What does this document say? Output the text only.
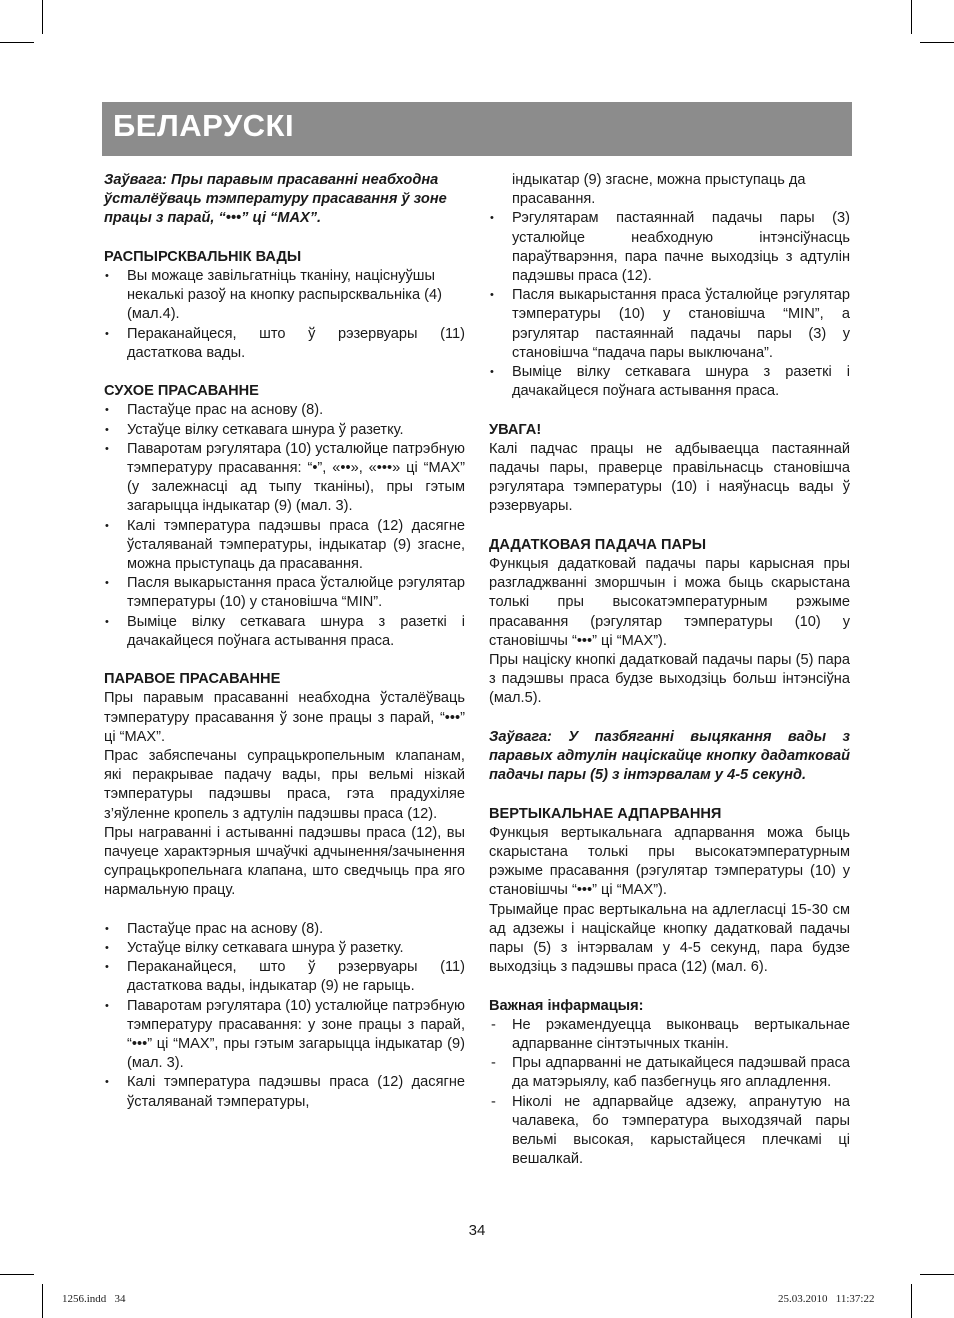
БЕЛАРУСКІ

Заўвага: Пры паравым прасаванні неабходна ўсталёўваць тэмпературу прасавання ў зоне працы з парай, “•••” ці “MAX”.

РАСПЫРСКВАЛЬНІК ВАДЫ

• Вы можаце завільгатніць тканіну, націснуўшы некалькі разоў на кнопку распырсквальніка (4) (мал.4).
• Пераканайцеся, што ў рэзервуары (11) дастаткова вады.

СУХОЕ ПРАСАВАННЕ

• Пастаўце прас на аснову (8).
• Устаўце вілку сеткавага шнура ў разетку.
• Паваротам рэгулятара (10) усталюйце патрэбную тэмпературу прасавання: “•”, «••», «•••» ці “MAX” (у залежнасці ад тыпу тканіны), пры гэтым загарыцца індыкатар (9) (мал. 3).
• Калі тэмпература падэшвы праса (12) дасягне ўсталяванай тэмпературы, індыкатар (9) згасне, можна прыступаць да прасавання.
• Пасля выкарыстання праса ўсталюйце рэгулятар тэмпературы (10) у становішча “MIN”.
• Выміце вілку сеткавага шнура з разеткі і дачакайцеся поўнага астывання праса.

ПАРАВОЕ ПРАСАВАННЕ

Пры паравым прасаванні неабходна ўсталёўваць тэмпературу прасавання ў зоне працы з парай, “•••” ці “MAX”.

Прас забяспечаны супрацькропельным клапанам, які перакрывае падачу вады, пры вельмі нізкай тэмпературы падэшвы праса, гэта прадухіляе з’яўленне кропель з адтулін падэшвы праса (12).

Пры награванні і астыванні падэшвы праса (12), вы пачуеце характэрныя шчаўчкі адчынення/зачынення супрацькропельнага клапана, што сведчыць пра яго нармальную працу.

• Пастаўце прас на аснову (8).
• Устаўце вілку сеткавага шнура ў разетку.
• Пераканайцеся, што ў рэзервуары (11) дастаткова вады, індыкатар (9) не гарыць.
• Паваротам рэгулятара (10) усталюйце патрэбную тэмпературу прасавання: у зоне працы з парай, “•••” ці “MAX”, пры гэтым загарыцца індыкатар (9) (мал. 3).
• Калі тэмпература падэшвы праса (12) дасягне ўсталяванай тэмпературы,

індыкатар (9) згасне, можна прыступаць да прасавання.

• Рэгулятарам пастаяннай падачы пары (3) усталюйце неабходную інтэнсіўнасць параўтварэння, пара пачне выходзіць з адтулін падэшвы праса (12).
• Пасля выкарыстання праса ўсталюйце рэгулятар тэмпературы (10) у становішча “MIN”, а рэгулятар пастаяннай падачы пары (3) у становішча “падача пары выключана”.
• Выміце вілку сеткавага шнура з разеткі і дачакайцеся поўнага астывання праса.

УВАГА!

Калі падчас працы не адбываецца пастаяннай падачы пары, праверце правільнасць становішча рэгулятара тэмпературы (10) і наяўнасць вады ў рэзервуары.

ДАДАТКОВАЯ ПАДАЧА ПАРЫ

Функцыя дадатковай падачы пары карысная пры разгладжванні зморшчын і можа быць скарыстана толькі пры высокатэмпературным рэжыме прасавання (рэгулятар тэмпературы (10) у становішчы “•••” ці “MAX”).

Пры націску кнопкі дадатковай падачы пары (5) пара з падэшвы праса будзе выходзіць больш інтэнсіўна (мал.5).

Заўвага: У пазбяганні выцякання вады з паравых адтулін націскайце кнопку дадатковай падачы пары (5) з інтэрвалам у 4-5 секунд.

ВЕРТЫКАЛЬНАЕ АДПАРВАННЯ

Функцыя вертыкальнага адпарвання можа быць скарыстана толькі пры высокатэмпературным рэжыме прасавання (рэгулятар тэмпературы (10) у становішчы “•••” ці “MAX”).

Трымайце прас вертыкальна на адлегласці 15-30 см ад адзежы і націскайце кнопку дадатковай падачы пары (5) з інтэрвалам у 4-5 секунд, пара будзе выходзіць з падэшвы праса (12) (мал. 6).

Важная інфармацыя:

- Не рэкамендуецца выконваць вертыкальнае адпарванне сінтэтычных тканін.
- Пры адпарванні не датыкайцеся падэшвай праса да матэрыялу, каб пазбегнуць яго апладлення.
- Ніколі не адпарвайце адзежу, апранутую на чалавека, бо тэмпература выходзячай пары вельмі высокая, карыстайцеся плечкамі ці вешалкай.
34
1256.indd   34	25.03.2010   11:37:22
